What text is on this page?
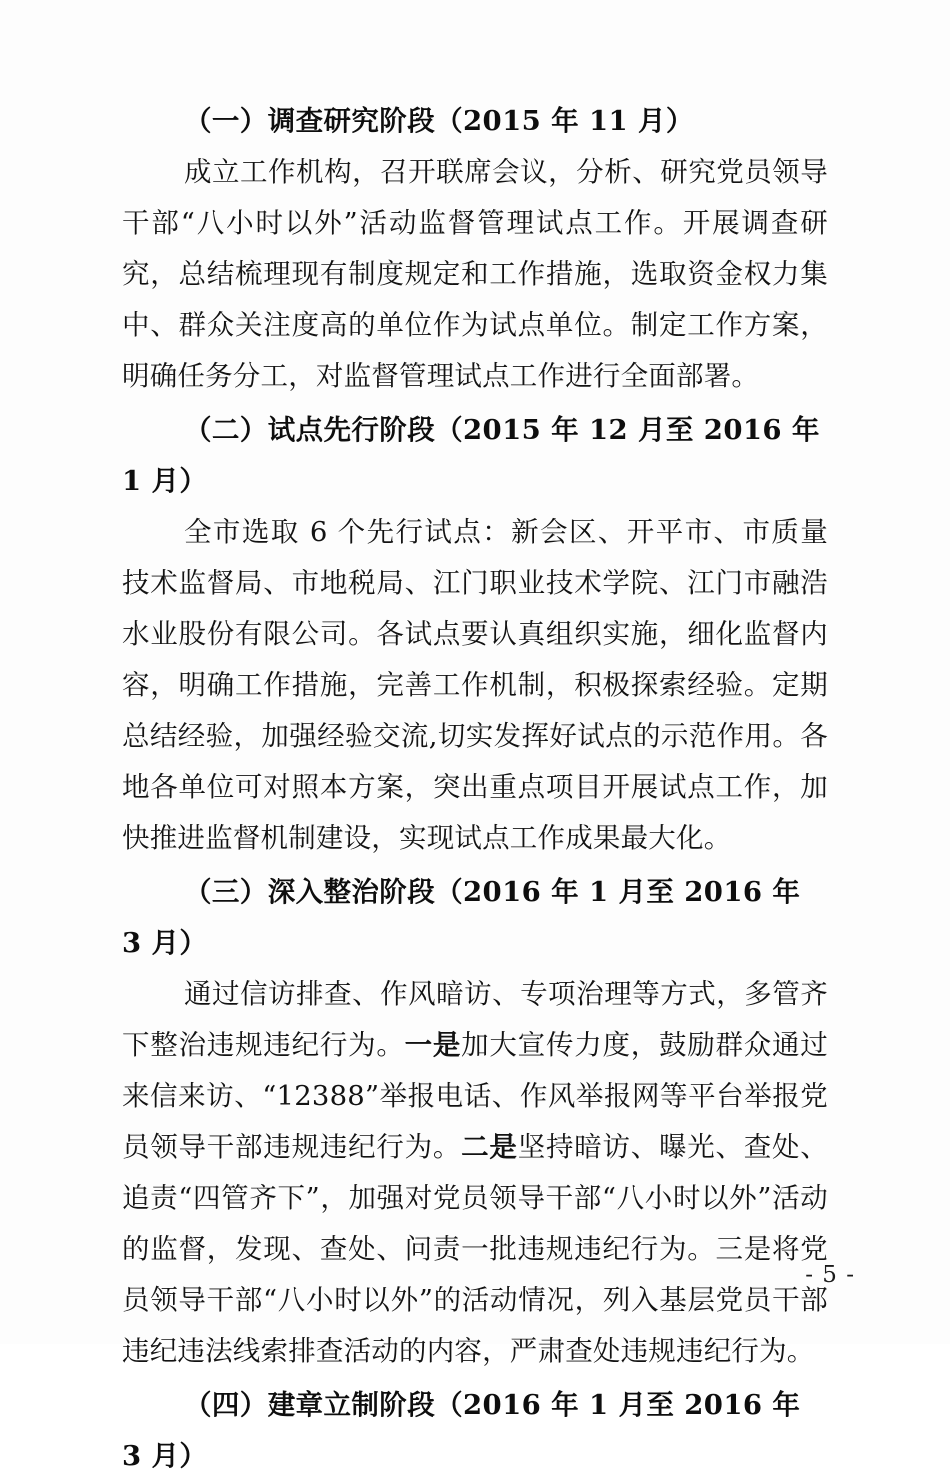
（一）调查研究阶段（2015 年 11 月）

成立工作机构，召开联席会议，分析、研究党员领导干部“八小时以外”活动监督管理试点工作。开展调查研究，总结梳理现有制度规定和工作措施，选取资金权力集中、群众关注度高的单位作为试点单位。制定工作方案，明确任务分工，对监督管理试点工作进行全面部署。

（二）试点先行阶段（2015 年 12 月至 2016 年 1 月）

全市选取 6 个先行试点：新会区、开平市、市质量技术监督局、市地税局、江门职业技术学院、江门市融浩水业股份有限公司。各试点要认真组织实施，细化监督内容，明确工作措施，完善工作机制，积极探索经验。定期总结经验，加强经验交流,切实发挥好试点的示范作用。各地各单位可对照本方案，突出重点项目开展试点工作，加快推进监督机制建设，实现试点工作成果最大化。

（三）深入整治阶段（2016 年 1 月至 2016 年 3 月）

通过信访排查、作风暗访、专项治理等方式，多管齐下整治违规违纪行为。一是加大宣传力度，鼓励群众通过来信来访、“12388”举报电话、作风举报网等平台举报党员领导干部违规违纪行为。二是坚持暗访、曝光、查处、追责“四管齐下”，加强对党员领导干部“八小时以外”活动的监督，发现、查处、问责一批违规违纪行为。三是将党员领导干部“八小时以外”的活动情况，列入基层党员干部违纪违法线索排查活动的内容，严肃查处违规违纪行为。

（四）建章立制阶段（2016 年 1 月至 2016 年 3 月）

- 5 -
